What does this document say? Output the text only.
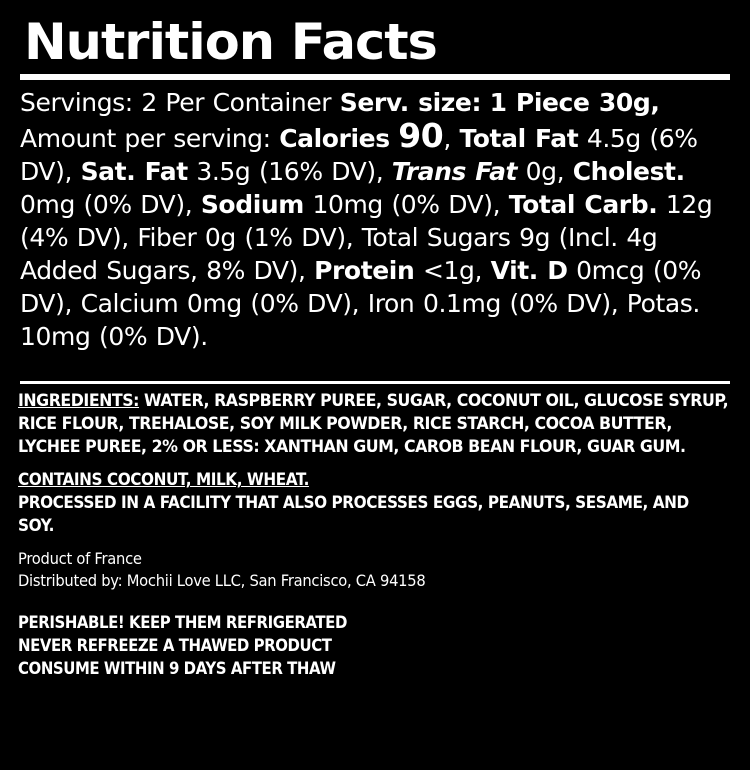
Nutrition Facts
Servings: 2 Per Container Serv. size: 1 Piece 30g, Amount per serving: Calories 90, Total Fat 4.5g (6% DV), Sat. Fat 3.5g (16% DV), Trans Fat 0g, Cholest. 0mg (0% DV), Sodium 10mg (0% DV), Total Carb. 12g (4% DV), Fiber 0g (1% DV), Total Sugars 9g (Incl. 4g Added Sugars, 8% DV), Protein <1g, Vit. D 0mcg (0% DV), Calcium 0mg (0% DV), Iron 0.1mg (0% DV), Potas. 10mg (0% DV).
INGREDIENTS: WATER, RASPBERRY PUREE, SUGAR, COCONUT OIL, GLUCOSE SYRUP, RICE FLOUR, TREHALOSE, SOY MILK POWDER, RICE STARCH, COCOA BUTTER, LYCHEE PUREE, 2% OR LESS: XANTHAN GUM, CAROB BEAN FLOUR, GUAR GUM.
CONTAINS COCONUT, MILK, WHEAT.
PROCESSED IN A FACILITY THAT ALSO PROCESSES EGGS, PEANUTS, SESAME, AND SOY.
Product of France
Distributed by: Mochii Love LLC, San Francisco, CA 94158
PERISHABLE! KEEP THEM REFRIGERATED
NEVER REFREEZE A THAWED PRODUCT
CONSUME WITHIN 9 DAYS AFTER THAW
